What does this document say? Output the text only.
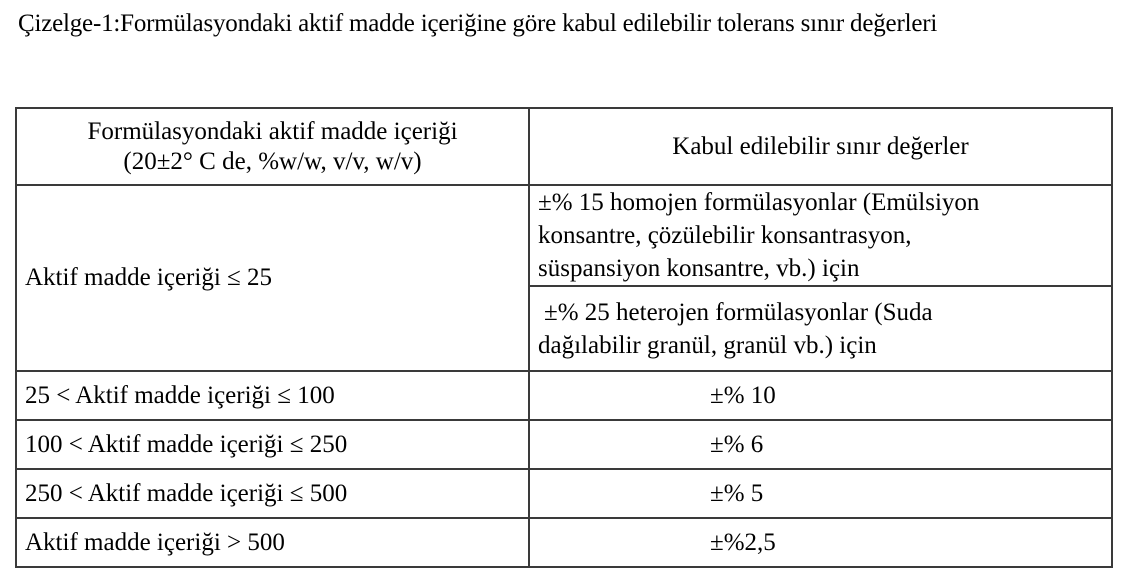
Çizelge-1:Formülasyondaki aktif madde içeriğine göre kabul edilebilir tolerans sınır değerleri
Formülasyondaki aktif madde içeriği
(20±2° C de, %w/w, v/v, w/v)	Kabul edilebilir sınır değerler
Aktif madde içeriği ≤ 25	±% 15 homojen formülasyonlar (Emülsiyon
konsantre, çözülebilir konsantrasyon,
süspansiyon konsantre, vb.) için

	±% 25 heterojen formülasyonlar (Suda
dağılabilir granül, granül vb.) için

25 < Aktif madde içeriği ≤ 100	±% 10
100 < Aktif madde içeriği ≤ 250	±% 6
250 < Aktif madde içeriği ≤ 500	±% 5
Aktif madde içeriği > 500	±%2,5
